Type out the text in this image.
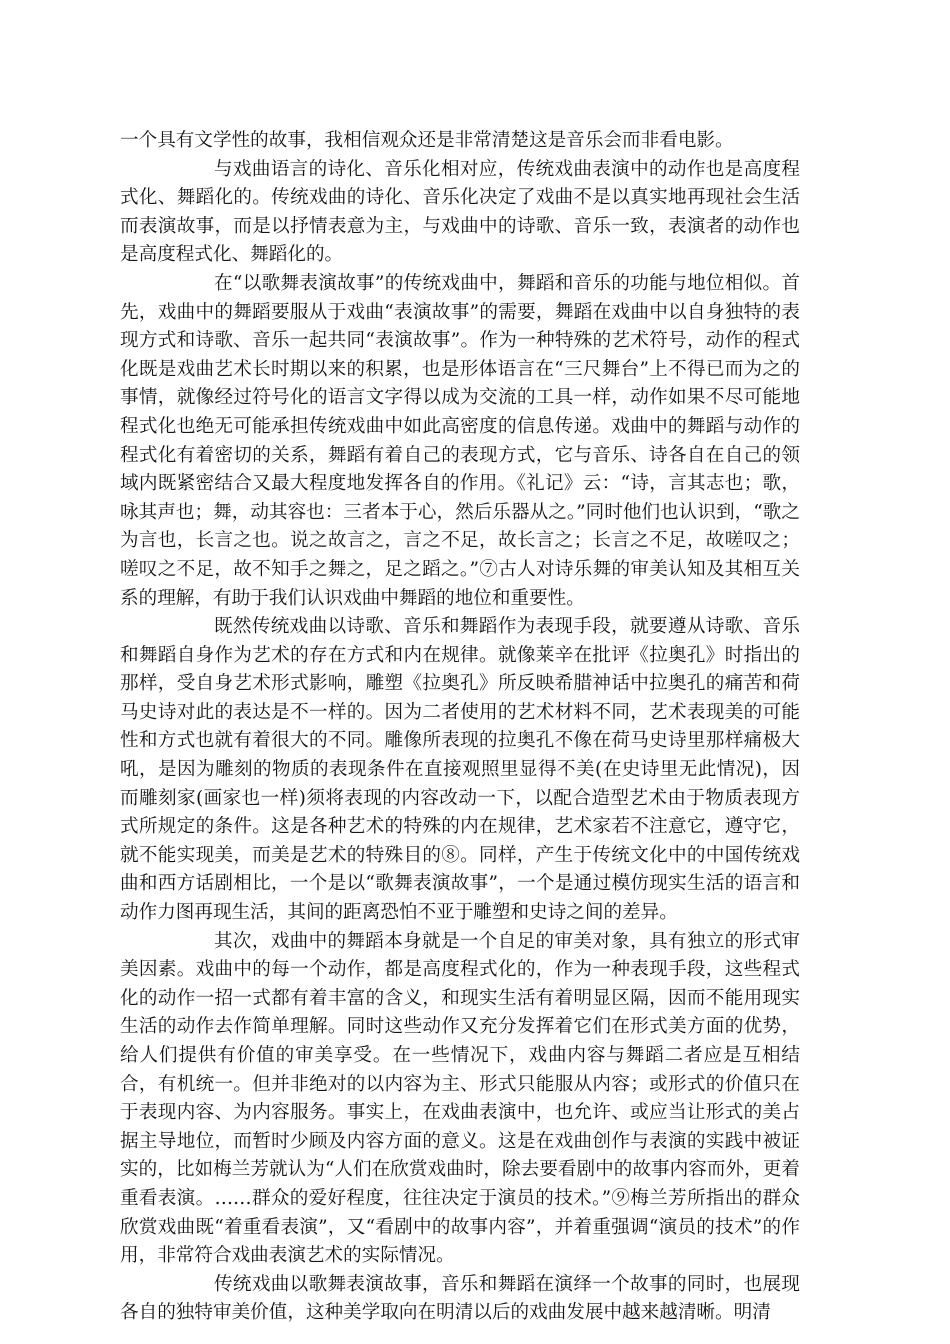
一个具有文学性的故事，我相信观众还是非常清楚这是音乐会而非看电影。

与戏曲语言的诗化、音乐化相对应，传统戏曲表演中的动作也是高度程式化、舞蹈化的。传统戏曲的诗化、音乐化决定了戏曲不是以真实地再现社会生活而表演故事，而是以抒情表意为主，与戏曲中的诗歌、音乐一致，表演者的动作也是高度程式化、舞蹈化的。

在“以歌舞表演故事”的传统戏曲中，舞蹈和音乐的功能与地位相似。首先，戏曲中的舞蹈要服从于戏曲“表演故事”的需要，舞蹈在戏曲中以自身独特的表现方式和诗歌、音乐一起共同“表演故事”。作为一种特殊的艺术符号，动作的程式化既是戏曲艺术长时期以来的积累，也是形体语言在“三尺舞台”上不得已而为之的事情，就像经过符号化的语言文字得以成为交流的工具一样，动作如果不尽可能地程式化也绝无可能承担传统戏曲中如此高密度的信息传递。戏曲中的舞蹈与动作的程式化有着密切的关系，舞蹈有着自己的表现方式，它与音乐、诗各自在自己的领域内既紧密结合又最大程度地发挥各自的作用。《礼记》云：“诗，言其志也；歌，咏其声也；舞，动其容也：三者本于心，然后乐器从之。”同时他们也认识到，“歌之为言也，长言之也。说之故言之，言之不足，故长言之；长言之不足，故嗟叹之；嗟叹之不足，故不知手之舞之，足之蹈之。”⑦古人对诗乐舞的审美认知及其相互关系的理解，有助于我们认识戏曲中舞蹈的地位和重要性。

既然传统戏曲以诗歌、音乐和舞蹈作为表现手段，就要遵从诗歌、音乐和舞蹈自身作为艺术的存在方式和内在规律。就像莱辛在批评《拉奥孔》时指出的那样，受自身艺术形式影响，雕塑《拉奥孔》所反映希腊神话中拉奥孔的痛苦和荷马史诗对此的表达是不一样的。因为二者使用的艺术材料不同，艺术表现美的可能性和方式也就有着很大的不同。雕像所表现的拉奥孔不像在荷马史诗里那样痛极大吼，是因为雕刻的物质的表现条件在直接观照里显得不美(在史诗里无此情况)，因而雕刻家(画家也一样)须将表现的内容改动一下，以配合造型艺术由于物质表现方式所规定的条件。这是各种艺术的特殊的内在规律，艺术家若不注意它，遵守它，就不能实现美，而美是艺术的特殊目的⑧。同样，产生于传统文化中的中国传统戏曲和西方话剧相比，一个是以“歌舞表演故事”，一个是通过模仿现实生活的语言和动作力图再现生活，其间的距离恐怕不亚于雕塑和史诗之间的差异。

其次，戏曲中的舞蹈本身就是一个自足的审美对象，具有独立的形式审美因素。戏曲中的每一个动作，都是高度程式化的，作为一种表现手段，这些程式化的动作一招一式都有着丰富的含义，和现实生活有着明显区隔，因而不能用现实生活的动作去作简单理解。同时这些动作又充分发挥着它们在形式美方面的优势，给人们提供有价值的审美享受。在一些情况下，戏曲内容与舞蹈二者应是互相结合，有机统一。但并非绝对的以内容为主、形式只能服从内容；或形式的价值只在于表现内容、为内容服务。事实上，在戏曲表演中，也允许、或应当让形式的美占据主导地位，而暂时少顾及内容方面的意义。这是在戏曲创作与表演的实践中被证实的，比如梅兰芳就认为“人们在欣赏戏曲时，除去要看剧中的故事内容而外，更着重看表演。……群众的爱好程度，往往决定于演员的技术。”⑨梅兰芳所指出的群众欣赏戏曲既“着重看表演”，又“看剧中的故事内容”，并着重强调“演员的技术”的作用，非常符合戏曲表演艺术的实际情况。

传统戏曲以歌舞表演故事，音乐和舞蹈在演绎一个故事的同时，也展现各自的独特审美价值，这种美学取向在明清以后的戏曲发展中越来越清晰。明清
